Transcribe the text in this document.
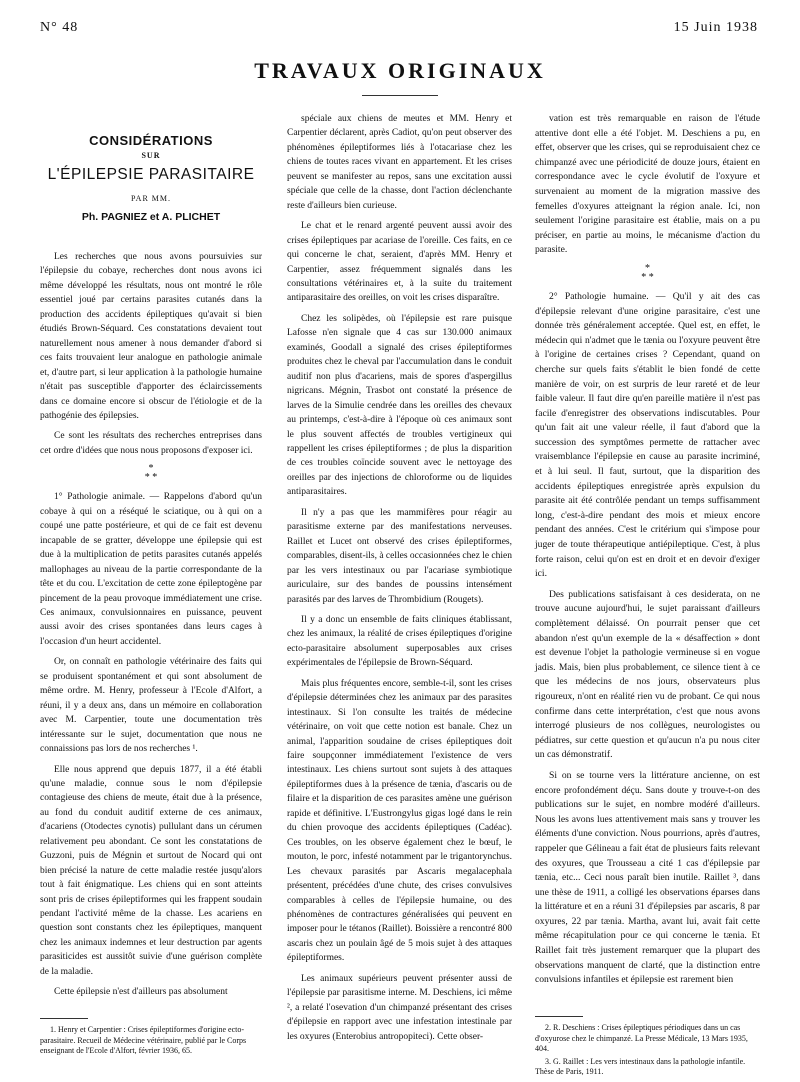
N° 48	15 Juin 1938
TRAVAUX ORIGINAUX
CONSIDÉRATIONS
SUR
L'ÉPILEPSIE PARASITAIRE
PAR MM.
Ph. PAGNIEZ et A. PLICHET

Les recherches que nous avons poursuivies sur l'épilepsie du cobaye, recherches dont nous avons ici même développé les résultats, nous ont montré le rôle essentiel joué par certains parasites cutanés dans la production des accidents épileptiques qu'avait si bien étudiés Brown-Séquard. Ces constatations devaient tout naturellement nous amener à nous demander d'abord si ces faits trouvaient leur analogue en pathologie animale et, d'autre part, si leur application à la pathologie humaine n'était pas susceptible d'apporter des éclaircissements dans ce domaine encore si obscur de l'étiologie et de la pathogénie des épilepsies.

Ce sont les résultats des recherches entreprises dans cet ordre d'idées que nous nous proposons d'exposer ici.

*
* *

1° Pathologie animale. — Rappelons d'abord qu'un cobaye à qui on a réséqué le sciatique, ou à qui on a coupé une patte postérieure, et qui de ce fait est devenu incapable de se gratter, développe une épilepsie qui est due à la multiplication de petits parasites cutanés appelés mallophages au niveau de la partie correspondante de la tête et du cou. L'excitation de cette zone épileptogène par pincement de la peau provoque immédiatement une crise. Ces animaux, convulsionnaires en puissance, peuvent aussi avoir des crises spontanées dans leurs cages à l'occasion d'un heurt accidentel.

Or, on connaît en pathologie vétérinaire des faits qui se produisent spontanément et qui sont absolument de même ordre. M. Henry, professeur à l'Ecole d'Alfort, a réuni, il y a deux ans, dans un mémoire en collaboration avec M. Carpentier, toute une documentation très intéressante sur le sujet, documentation que nous ne connaissions pas lors de nos recherches ¹.

Elle nous apprend que depuis 1877, il a été établi qu'une maladie, connue sous le nom d'épilepsie contagieuse des chiens de meute, était due à la présence, au fond du conduit auditif externe de ces animaux, d'acariens (Otodectes cynotis) pullulant dans un cérumen relativement peu abondant. Ce sont les constatations de Guzzoni, puis de Mégnin et surtout de Nocard qui ont bien précisé la nature de cette maladie restée jusqu'alors tout à fait énigmatique. Les chiens qui en sont atteints sont pris de crises épileptiformes qui les frappent soudain pendant l'activité même de la chasse. Les acariens en question sont constants chez les épileptiques, manquent chez les animaux indemnes et leur destruction par agents parasiticides est aussitôt suivie d'une guérison complète de la maladie.

Cette épilepsie n'est d'ailleurs pas absolument

1. Henry et Carpentier : Crises épileptiformes d'origine ecto-parasitaire. Recueil de Médecine vétérinaire, publié par le Corps enseignant de l'Ecole d'Alfort, février 1936, 65.

spéciale aux chiens de meutes et MM. Henry et Carpentier déclarent, après Cadiot, qu'on peut observer des phénomènes épileptiformes liés à l'otacariase chez les chiens de toutes races vivant en appartement. Et les crises peuvent se manifester au repos, sans une excitation aussi spéciale que celle de la chasse, dont l'action déclenchante reste d'ailleurs bien curieuse.

Le chat et le renard argenté peuvent aussi avoir des crises épileptiques par acariase de l'oreille. Ces faits, en ce qui concerne le chat, seraient, d'après MM. Henry et Carpentier, assez fréquemment signalés dans les consultations vétérinaires et, à la suite du traitement antiparasitaire des oreilles, on voit les crises disparaître.

Chez les solipèdes, où l'épilepsie est rare puisque Lafosse n'en signale que 4 cas sur 130.000 animaux examinés, Goodall a signalé des crises épileptiformes produites chez le cheval par l'accumulation dans le conduit auditif non plus d'acariens, mais de spores d'aspergillus nigricans. Mégnin, Trasbot ont constaté la présence de larves de la Simulie cendrée dans les oreilles des chevaux au printemps, c'est-à-dire à l'époque où ces animaux sont le plus souvent affectés de troubles vertigineux qui rappellent les crises épileptiformes ; de plus la disparition de ces troubles coïncide souvent avec le nettoyage des oreilles par des injections de chloroforme ou de liquides antiparasitaires.

Il n'y a pas que les mammifères pour réagir au parasitisme externe par des manifestations nerveuses. Raillet et Lucet ont observé des crises épileptiformes, comparables, disent-ils, à celles occasionnées chez le chien par les vers intestinaux ou par l'acariase symbiotique auriculaire, sur des bandes de poussins intensément parasités par des larves de Thrombidium (Rougets).

Il y a donc un ensemble de faits cliniques établissant, chez les animaux, la réalité de crises épileptiques d'origine ecto-parasitaire absolument superposables aux crises expérimentales de l'épilepsie de Brown-Séquard.

Mais plus fréquentes encore, semble-t-il, sont les crises d'épilepsie déterminées chez les animaux par des parasites intestinaux. Si l'on consulte les traités de médecine vétérinaire, on voit que cette notion est banale. Chez un animal, l'apparition soudaine de crises épileptiques doit faire soupçonner immédiatement l'existence de vers intestinaux. Les chiens surtout sont sujets à des attaques épileptiformes dues à la présence de tænia, d'ascaris ou de filaire et la disparition de ces parasites amène une guérison rapide et définitive. L'Eustrongylus gigas logé dans le rein du chien provoque des accidents épileptiques (Cadéac). Ces troubles, on les observe également chez le bœuf, le mouton, le porc, infesté notamment par le trigantorynchus. Les chevaux parasités par Ascaris megalacephala présentent, précédées d'une chute, des crises convulsives comparables à celles de l'épilepsie humaine, ou des phénomènes de contractures généralisées qui peuvent en imposer pour le tétanos (Raillet). Boissière a rencontré 800 ascaris chez un poulain âgé de 5 mois sujet à des attaques épileptiformes.

Les animaux supérieurs peuvent présenter aussi de l'épilepsie par parasitisme interne. M. Deschiens, ici même ², a relaté l'osevation d'un chimpanzé présentant des crises d'épilepsie en rapport avec une infestation intestinale par les oxyures (Enterobius antropopiteci). Cette obser-

vation est très remarquable en raison de l'étude attentive dont elle a été l'objet. M. Deschiens a pu, en effet, observer que les crises, qui se reproduisaient chez ce chimpanzé avec une périodicité de douze jours, étaient en correspondance avec le cycle évolutif de l'oxyure et survenaient au moment de la migration massive des femelles d'oxyures atteignant la région anale. Ici, non seulement l'origine parasitaire est établie, mais on a pu préciser, en partie au moins, le mécanisme d'action du parasite.

*
* *

2° Pathologie humaine. — Qu'il y ait des cas d'épilepsie relevant d'une origine parasitaire, c'est une donnée très généralement acceptée. Quel est, en effet, le médecin qui n'admet que le tænia ou l'oxyure peuvent être à l'origine de certaines crises ? Cependant, quand on cherche sur quels faits s'établit le bien fondé de cette manière de voir, on est surpris de leur rareté et de leur faible valeur. Il faut dire qu'en pareille matière il n'est pas facile d'enregistrer des observations indiscutables. Pour qu'un fait ait une valeur réelle, il faut d'abord que la succession des symptômes permette de rattacher avec vraisemblance l'épilepsie en cause au parasite incriminé, et à lui seul. Il faut, surtout, que la disparition des accidents épileptiques enregistrée après expulsion du parasite ait été contrôlée pendant un temps suffisamment long, c'est-à-dire pendant des mois et mieux encore pendant des années. C'est le critérium qui s'impose pour juger de toute thérapeutique antiépileptique. C'est, à plus forte raison, celui qu'on est en droit et en devoir d'exiger ici.

Des publications satisfaisant à ces desiderata, on ne trouve aucune aujourd'hui, le sujet paraissant d'ailleurs complètement délaissé. On pourrait penser que cet abandon n'est qu'un exemple de la « désaffection » dont est devenue l'objet la pathologie vermineuse si en vogue jadis. Mais, bien plus probablement, ce silence tient à ce que les médecins de nos jours, observateurs plus rigoureux, n'ont en réalité rien vu de probant. Ce qui nous confirme dans cette interprétation, c'est que nous avons interrogé plusieurs de nos collègues, neurologistes ou pédiatres, sur cette question et qu'aucun n'a pu nous citer un cas démonstratif.

Si on se tourne vers la littérature ancienne, on est encore profondément déçu. Sans doute y trouve-t-on des publications sur le sujet, en nombre modéré d'ailleurs. Nous les avons lues attentivement mais sans y trouver les éléments d'une conviction. Nous pourrions, après d'autres, rappeler que Gélineau a fait état de plusieurs faits relevant des oxyures, que Trousseau a cité 1 cas d'épilepsie par tænia, etc... Ceci nous paraît bien inutile. Raillet ³, dans une thèse de 1911, a colligé les observations éparses dans la littérature et en a réuni 31 d'épilepsies par ascaris, 8 par oxyures, 22 par tænia. Martha, avant lui, avait fait cette même récapitulation pour ce qui concerne le tænia. Et Raillet fait très justement remarquer que la plupart des observations manquent de clarté, que la distinction entre convulsions infantiles et épilepsie est rarement bien

2. R. Deschiens : Crises épileptiques périodiques dans un cas d'oxyurose chez le chimpanzé. La Presse Médicale, 13 Mars 1935, 404.

3. G. Raillet : Les vers intestinaux dans la pathologie infantile. Thèse de Paris, 1911.
